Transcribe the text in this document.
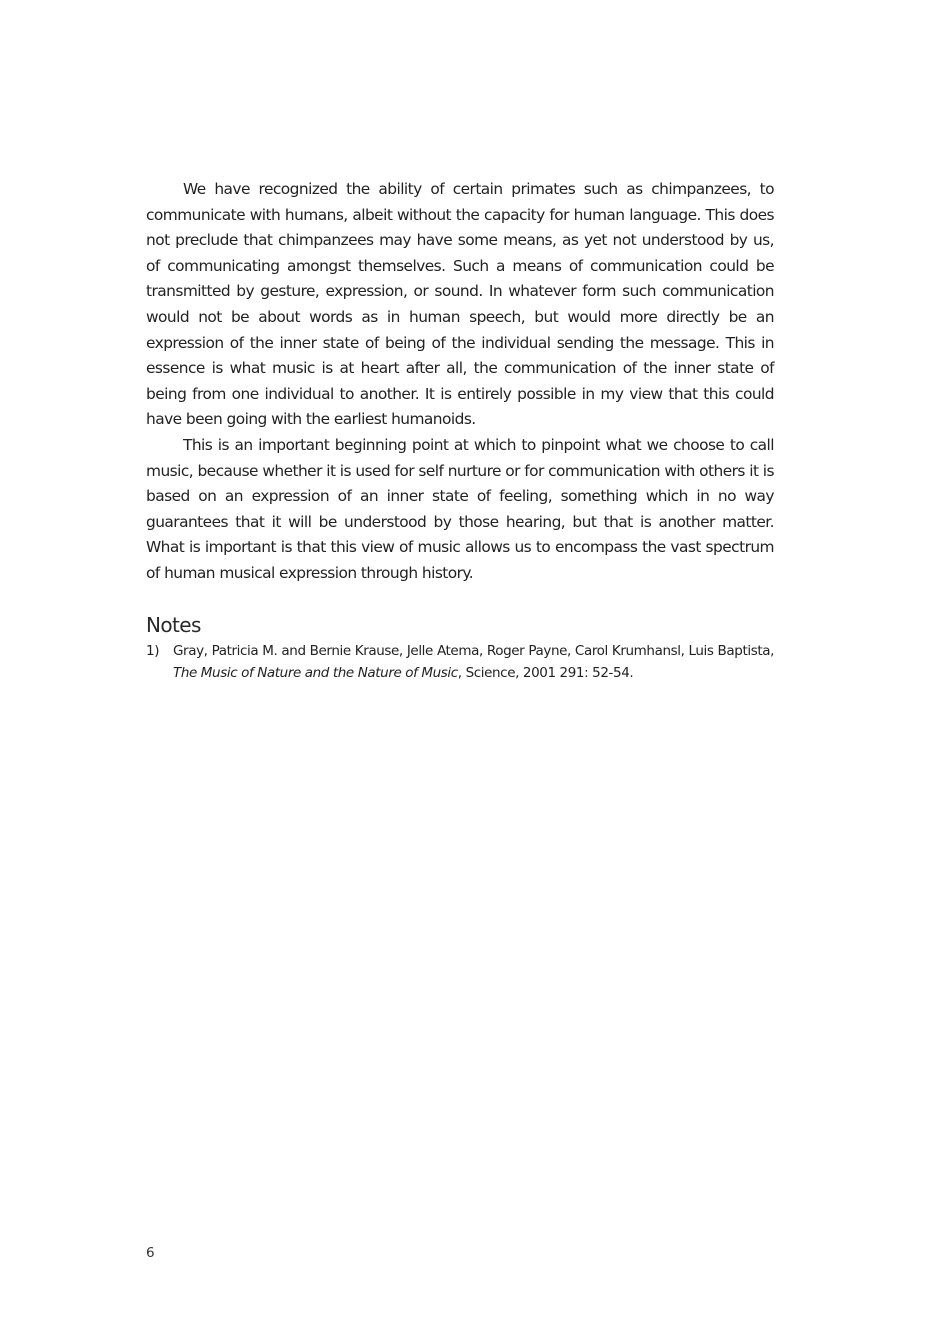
We have recognized the ability of certain primates such as chimpanzees, to communicate with humans, albeit without the capacity for human language. This does not preclude that chimpanzees may have some means, as yet not understood by us, of communicating amongst themselves. Such a means of communication could be transmitted by gesture, expression, or sound. In whatever form such communication would not be about words as in human speech, but would more directly be an expression of the inner state of being of the individual sending the message. This in essence is what music is at heart after all, the communication of the inner state of being from one individual to another. It is entirely possible in my view that this could have been going with the earliest humanoids.

This is an important beginning point at which to pinpoint what we choose to call music, because whether it is used for self nurture or for communication with others it is based on an expression of an inner state of feeling, something which in no way guarantees that it will be understood by those hearing, but that is another matter. What is important is that this view of music allows us to encompass the vast spectrum of human musical expression through history.

Notes
1)	Gray, Patricia M. and Bernie Krause, Jelle Atema, Roger Payne, Carol Krumhansl, Luis Baptista, The Music of Nature and the Nature of Music, Science, 2001 291: 52-54.
6
